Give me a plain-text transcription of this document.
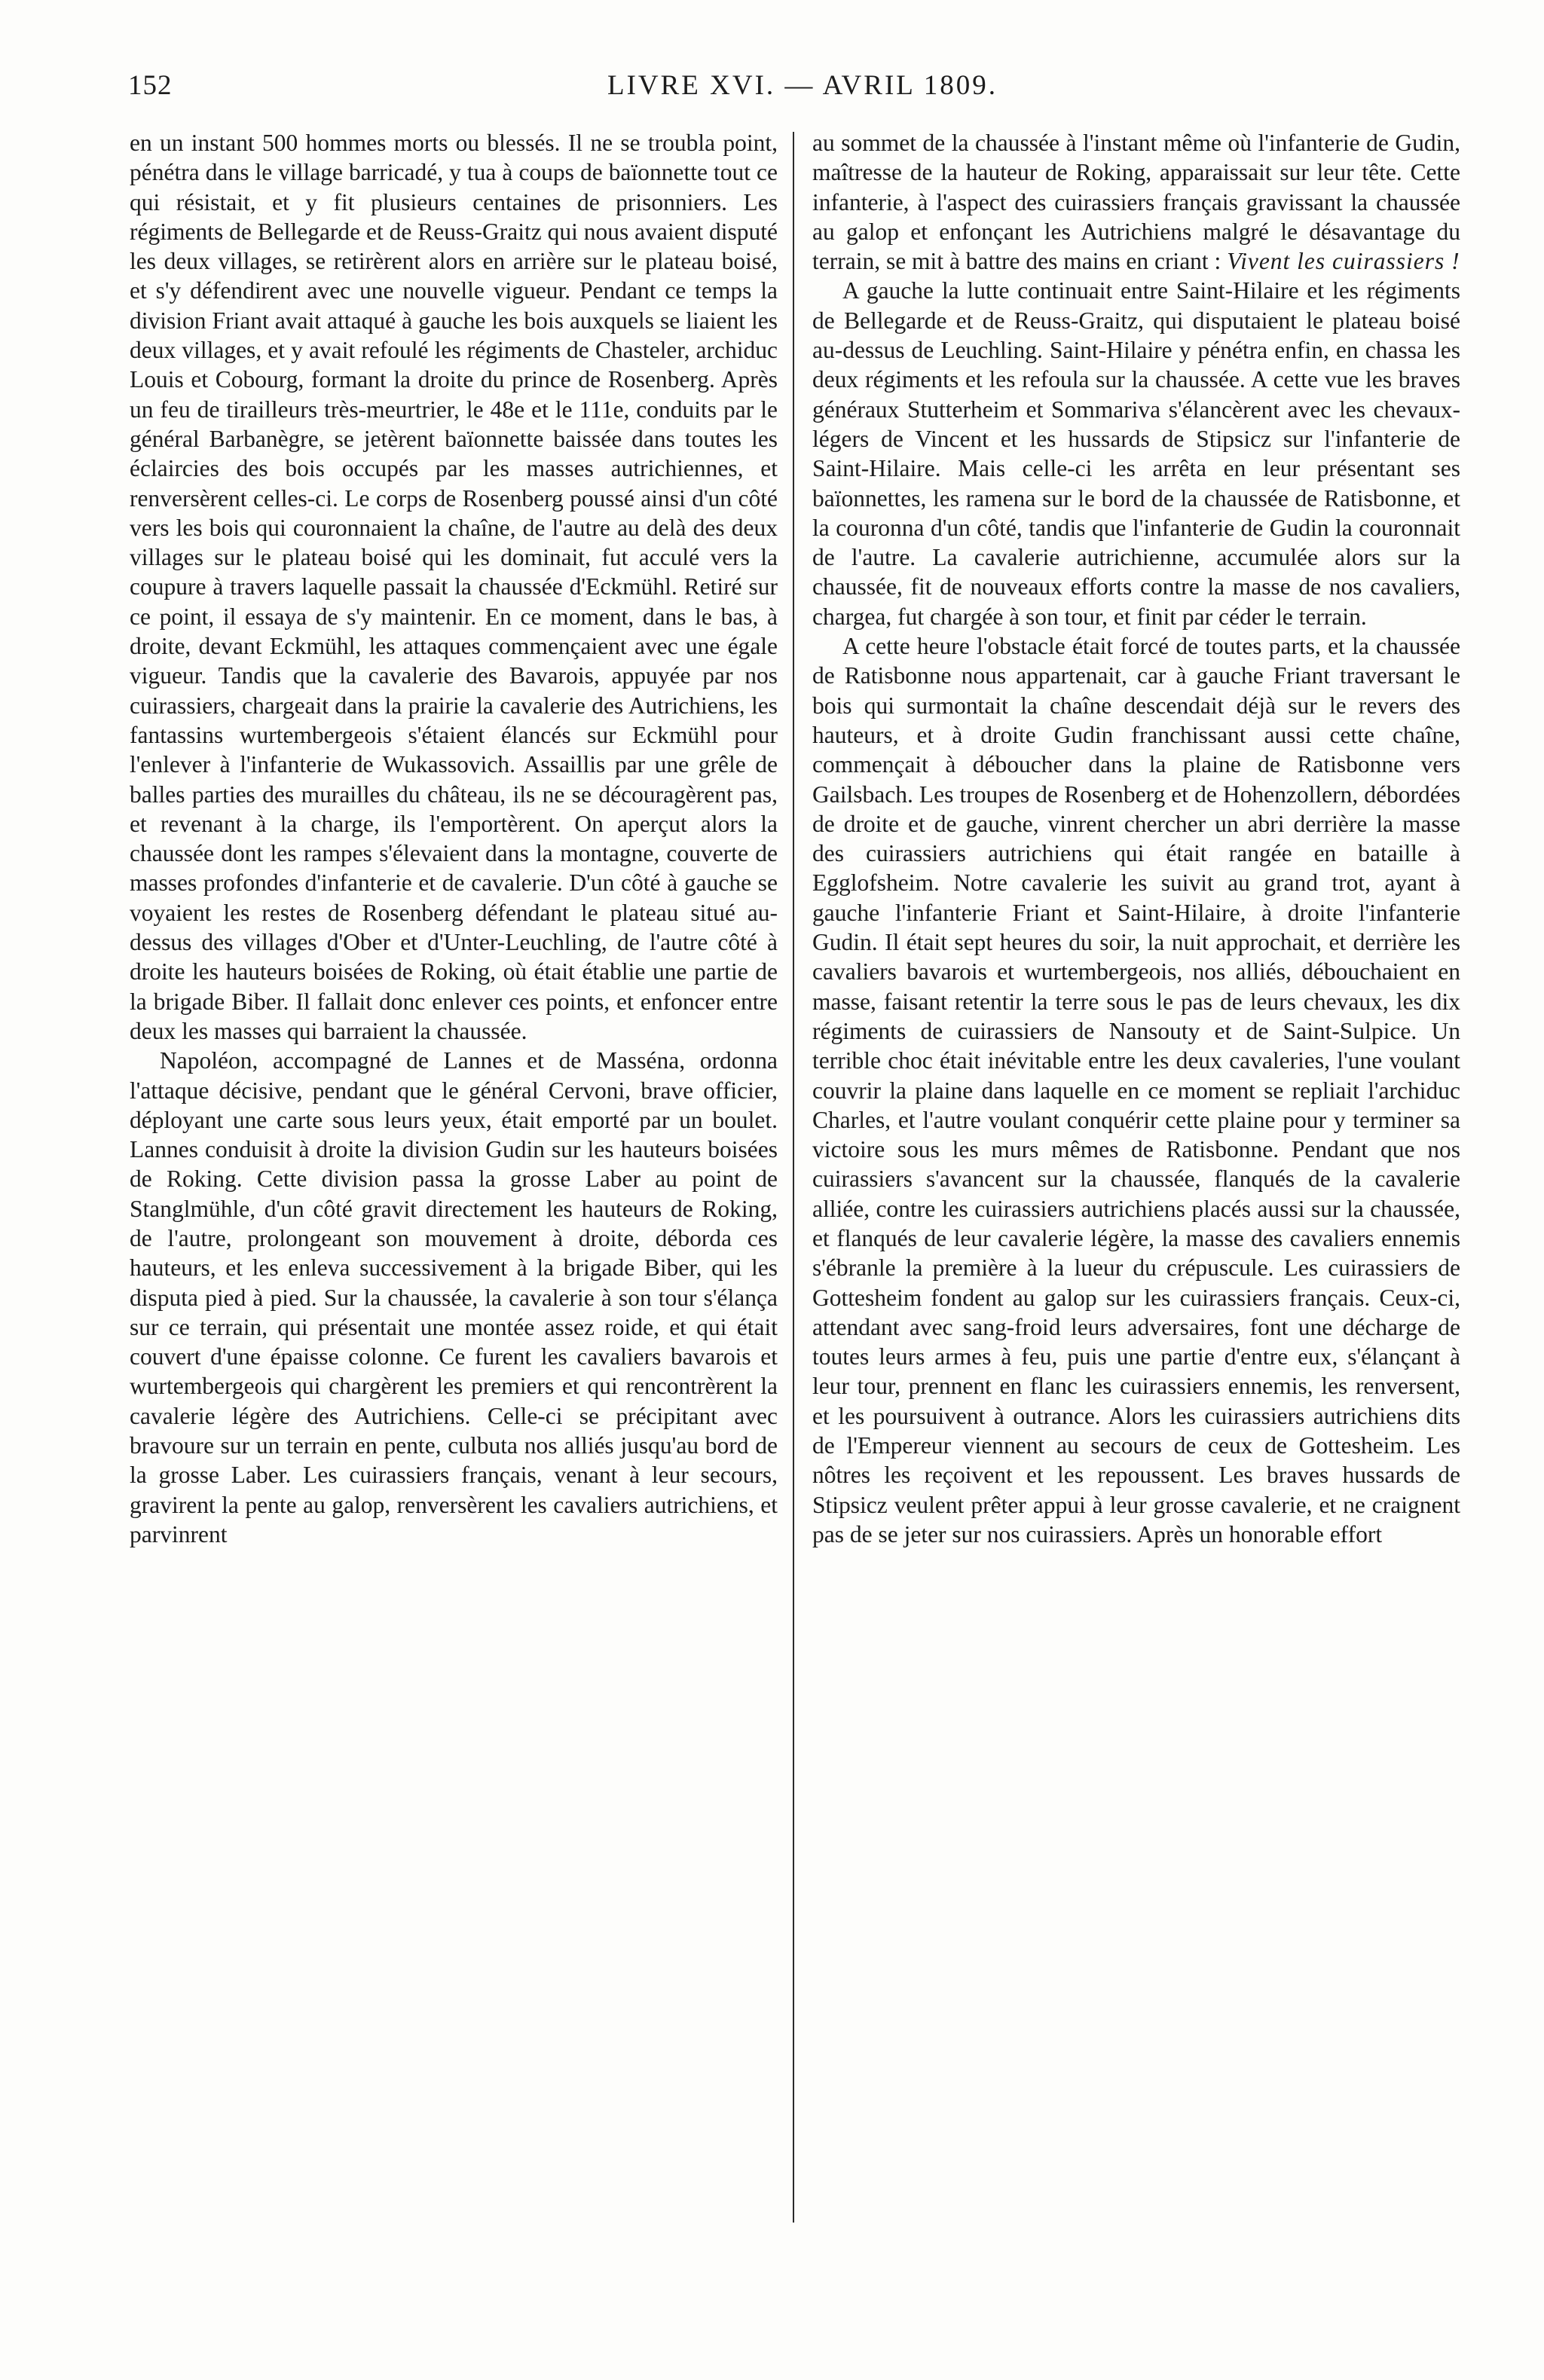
152	LIVRE XVI. — AVRIL 1809.

en un instant 500 hommes morts ou blessés. Il ne se troubla point, pénétra dans le village barricadé, y tua à coups de baïonnette tout ce qui résistait, et y fit plusieurs centaines de prisonniers. Les régiments de Bellegarde et de Reuss-Graitz qui nous avaient disputé les deux villages, se retirèrent alors en arrière sur le plateau boisé, et s'y défendirent avec une nouvelle vigueur. Pendant ce temps la division Friant avait attaqué à gauche les bois auxquels se liaient les deux villages, et y avait refoulé les régiments de Chasteler, archiduc Louis et Cobourg, formant la droite du prince de Rosenberg. Après un feu de tirailleurs très-meurtrier, le 48e et le 111e, conduits par le général Barbanègre, se jetèrent baïonnette baissée dans toutes les éclaircies des bois occupés par les masses autrichiennes, et renversèrent celles-ci. Le corps de Rosenberg poussé ainsi d'un côté vers les bois qui couronnaient la chaîne, de l'autre au delà des deux villages sur le plateau boisé qui les dominait, fut acculé vers la coupure à travers laquelle passait la chaussée d'Eckmühl. Retiré sur ce point, il essaya de s'y maintenir. En ce moment, dans le bas, à droite, devant Eckmühl, les attaques commençaient avec une égale vigueur. Tandis que la cavalerie des Bavarois, appuyée par nos cuirassiers, chargeait dans la prairie la cavalerie des Autrichiens, les fantassins wurtembergeois s'étaient élancés sur Eckmühl pour l'enlever à l'infanterie de Wukassovich. Assaillis par une grêle de balles parties des murailles du château, ils ne se découragèrent pas, et revenant à la charge, ils l'emportèrent. On aperçut alors la chaussée dont les rampes s'élevaient dans la montagne, couverte de masses profondes d'infanterie et de cavalerie. D'un côté à gauche se voyaient les restes de Rosenberg défendant le plateau situé au-dessus des villages d'Ober et d'Unter-Leuchling, de l'autre côté à droite les hauteurs boisées de Roking, où était établie une partie de la brigade Biber. Il fallait donc enlever ces points, et enfoncer entre deux les masses qui barraient la chaussée.

Napoléon, accompagné de Lannes et de Masséna, ordonna l'attaque décisive, pendant que le général Cervoni, brave officier, déployant une carte sous leurs yeux, était emporté par un boulet. Lannes conduisit à droite la division Gudin sur les hauteurs boisées de Roking. Cette division passa la grosse Laber au point de Stanglmühle, d'un côté gravit directement les hauteurs de Roking, de l'autre, prolongeant son mouvement à droite, déborda ces hauteurs, et les enleva successivement à la brigade Biber, qui les disputa pied à pied. Sur la chaussée, la cavalerie à son tour s'élança sur ce terrain, qui présentait une montée assez roide, et qui était couvert d'une épaisse colonne. Ce furent les cavaliers bavarois et wurtembergeois qui chargèrent les premiers et qui rencontrèrent la cavalerie légère des Autrichiens. Celle-ci se précipitant avec bravoure sur un terrain en pente, culbuta nos alliés jusqu'au bord de la grosse Laber. Les cuirassiers français, venant à leur secours, gravirent la pente au galop, renversèrent les cavaliers autrichiens, et parvinrent

au sommet de la chaussée à l'instant même où l'infanterie de Gudin, maîtresse de la hauteur de Roking, apparaissait sur leur tête. Cette infanterie, à l'aspect des cuirassiers français gravissant la chaussée au galop et enfonçant les Autrichiens malgré le désavantage du terrain, se mit à battre des mains en criant : Vivent les cuirassiers !

A gauche la lutte continuait entre Saint-Hilaire et les régiments de Bellegarde et de Reuss-Graitz, qui disputaient le plateau boisé au-dessus de Leuchling. Saint-Hilaire y pénétra enfin, en chassa les deux régiments et les refoula sur la chaussée. A cette vue les braves généraux Stutterheim et Sommariva s'élancèrent avec les chevaux-légers de Vincent et les hussards de Stipsicz sur l'infanterie de Saint-Hilaire. Mais celle-ci les arrêta en leur présentant ses baïonnettes, les ramena sur le bord de la chaussée de Ratisbonne, et la couronna d'un côté, tandis que l'infanterie de Gudin la couronnait de l'autre. La cavalerie autrichienne, accumulée alors sur la chaussée, fit de nouveaux efforts contre la masse de nos cavaliers, chargea, fut chargée à son tour, et finit par céder le terrain.

A cette heure l'obstacle était forcé de toutes parts, et la chaussée de Ratisbonne nous appartenait, car à gauche Friant traversant le bois qui surmontait la chaîne descendait déjà sur le revers des hauteurs, et à droite Gudin franchissant aussi cette chaîne, commençait à déboucher dans la plaine de Ratisbonne vers Gailsbach. Les troupes de Rosenberg et de Hohenzollern, débordées de droite et de gauche, vinrent chercher un abri derrière la masse des cuirassiers autrichiens qui était rangée en bataille à Egglofsheim. Notre cavalerie les suivit au grand trot, ayant à gauche l'infanterie Friant et Saint-Hilaire, à droite l'infanterie Gudin. Il était sept heures du soir, la nuit approchait, et derrière les cavaliers bavarois et wurtembergeois, nos alliés, débouchaient en masse, faisant retentir la terre sous le pas de leurs chevaux, les dix régiments de cuirassiers de Nansouty et de Saint-Sulpice. Un terrible choc était inévitable entre les deux cavaleries, l'une voulant couvrir la plaine dans laquelle en ce moment se repliait l'archiduc Charles, et l'autre voulant conquérir cette plaine pour y terminer sa victoire sous les murs mêmes de Ratisbonne. Pendant que nos cuirassiers s'avancent sur la chaussée, flanqués de la cavalerie alliée, contre les cuirassiers autrichiens placés aussi sur la chaussée, et flanqués de leur cavalerie légère, la masse des cavaliers ennemis s'ébranle la première à la lueur du crépuscule. Les cuirassiers de Gottesheim fondent au galop sur les cuirassiers français. Ceux-ci, attendant avec sang-froid leurs adversaires, font une décharge de toutes leurs armes à feu, puis une partie d'entre eux, s'élançant à leur tour, prennent en flanc les cuirassiers ennemis, les renversent, et les poursuivent à outrance. Alors les cuirassiers autrichiens dits de l'Empereur viennent au secours de ceux de Gottesheim. Les nôtres les reçoivent et les repoussent. Les braves hussards de Stipsicz veulent prêter appui à leur grosse cavalerie, et ne craignent pas de se jeter sur nos cuirassiers. Après un honorable effort
